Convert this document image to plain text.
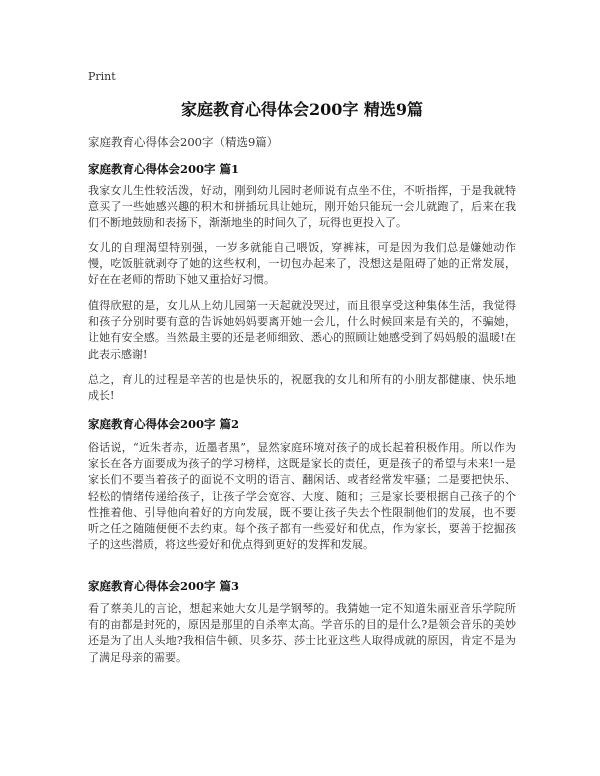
Print
家庭教育心得体会200字 精选9篇
家庭教育心得体会200字（精选9篇）
家庭教育心得体会200字 篇1
我家女儿生性较活泼，好动，刚到幼儿园时老师说有点坐不住，不听指挥，于是我就特意买了一些她感兴趣的积木和拼插玩具让她玩，刚开始只能玩一会儿就跑了，后来在我们不断地鼓励和表扬下，渐渐地坐的时间久了，玩得也更投入了。
女儿的自理渴望特别强，一岁多就能自己喂饭，穿裤袜，可是因为我们总是嫌她动作慢，吃饭脏就剥夺了她的这些权利，一切包办起来了，没想这是阻碍了她的正常发展，好在在老师的帮助下她又重拾好习惯。
值得欣慰的是，女儿从上幼儿园第一天起就没哭过，而且很享受这种集体生活，我觉得和孩子分别时要有意的告诉她妈妈要离开她一会儿，什么时候回来是有关的，不骗她，让她有安全感。当然最主要的还是老师细致、悉心的照顾让她感受到了妈妈般的温暖!在此表示感谢!
总之，育儿的过程是辛苦的也是快乐的，祝愿我的女儿和所有的小朋友都健康、快乐地成长!
家庭教育心得体会200字 篇2
俗话说，“近朱者赤，近墨者黑”，显然家庭环境对孩子的成长起着积极作用。所以作为家长在各方面要成为孩子的学习榜样，这既是家长的责任，更是孩子的希望与未来!一是家长们不要当着孩子的面说不文明的语言、翻闲话、或者经常发牢骚；二是要把快乐、轻松的情绪传递给孩子，让孩子学会宽容、大度、随和；三是家长要根据自己孩子的个性推着他、引导他向着好的方向发展，既不要让孩子失去个性限制他们的发展，也不要听之任之随随便便不去约束。每个孩子都有一些爱好和优点，作为家长，要善于挖掘孩子的这些潜质，将这些爱好和优点得到更好的发挥和发展。
家庭教育心得体会200字 篇3
看了蔡美儿的言论，想起来她大女儿是学钢琴的。我猜她一定不知道朱丽亚音乐学院所有的亩都是封死的，原因是那里的自杀率太高。学音乐的目的是什么?是领会音乐的美妙还是为了出人头地?我相信牛顿、贝多芬、莎士比亚这些人取得成就的原因，肯定不是为了满足母亲的需要。
